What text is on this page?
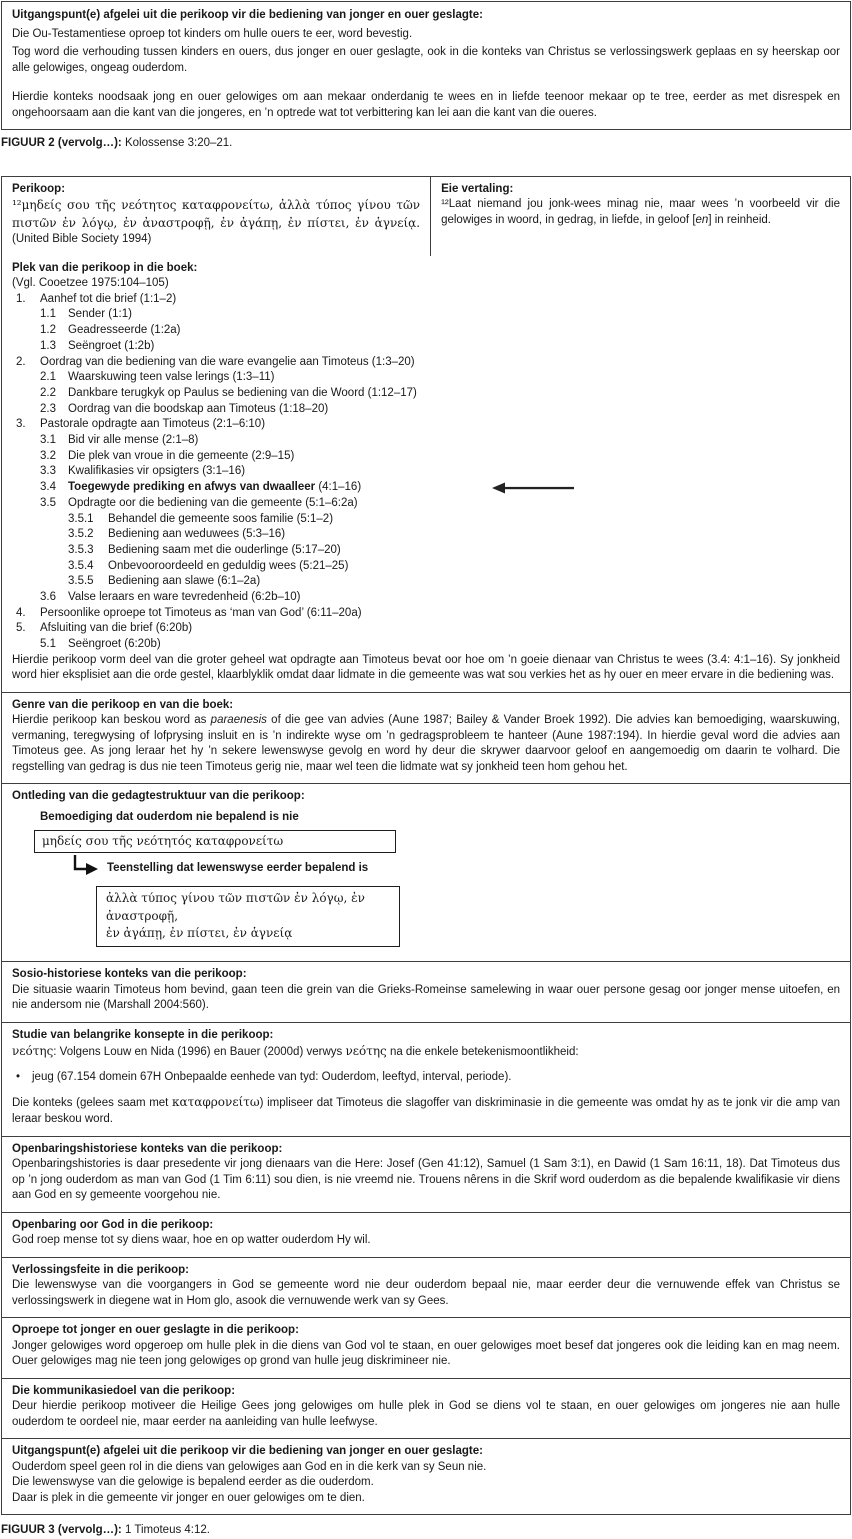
Uitgangspunt(e) afgelei uit die perikoop vir die bediening van jonger en ouer geslagte:

Die Ou-Testamentiese oproep tot kinders om hulle ouers te eer, word bevestig.

Tog word die verhouding tussen kinders en ouers, dus jonger en ouer geslagte, ook in die konteks van Christus se verlossingswerk geplaas en sy heerskap oor alle gelowiges, ongeag ouderdom.

Hierdie konteks noodsaak jong en ouer gelowiges om aan mekaar onderdanig te wees en in liefde teenoor mekaar op te tree, eerder as met disrespek en ongehoorsaam aan die kant van die jongeres, en ’n optrede wat tot verbittering kan lei aan die kant van die oueres.

FIGUUR 2 (vervolg…): Kolossense 3:20–21.

Perikoop:

¹²μηδείς σου τῆς νεότητος καταφρονείτω, ἀλλὰ τύπος γίνου τῶν πιστῶν ἐν λόγῳ, ἐν ἀναστροφῇ, ἐν ἀγάπῃ, ἐν πίστει, ἐν ἁγνείᾳ. (United Bible Society 1994)

Eie vertaling:

¹²Laat niemand jou jonk-wees minag nie, maar wees ’n voorbeeld vir die gelowiges in woord, in gedrag, in liefde, in geloof [en] in reinheid.

Plek van die perikoop in die boek:

(Vgl. Cooetzee 1975:104–105)

1.	Aanhef tot die brief (1:1–2)
1.1	Sender (1:1)
1.2	Geadresseerde (1:2a)
1.3	Seëngroet (1:2b)
2.	Oordrag van die bediening van die ware evangelie aan Timoteus (1:3–20)
2.1	Waarskuwing teen valse lerings (1:3–11)
2.2	Dankbare terugkyk op Paulus se bediening van die Woord (1:12–17)
2.3	Oordrag van die boodskap aan Timoteus (1:18–20)
3.	Pastorale opdragte aan Timoteus (2:1–6:10)
3.1	Bid vir alle mense (2:1–8)
3.2	Die plek van vroue in die gemeente (2:9–15)
3.3	Kwalifikasies vir opsigters (3:1–16)
3.4	Toegewyde prediking en afwys van dwaalleer (4:1–16)
3.5	Opdragte oor die bediening van die gemeente (5:1–6:2a)
3.5.1	Behandel die gemeente soos familie (5:1–2)
3.5.2	Bediening aan weduwees (5:3–16)
3.5.3	Bediening saam met die ouderlinge (5:17–20)
3.5.4	Onbevooroordeeld en geduldig wees (5:21–25)
3.5.5	Bediening aan slawe (6:1–2a)
3.6	Valse leraars en ware tevredenheid (6:2b–10)
4.	Persoonlike oproepe tot Timoteus as ‘man van God’ (6:11–20a)
5.	Afsluiting van die brief (6:20b)
5.1	Seëngroet (6:20b)

Hierdie perikoop vorm deel van die groter geheel wat opdragte aan Timoteus bevat oor hoe om ’n goeie dienaar van Christus te wees (3.4: 4:1–16). Sy jonkheid word hier eksplisiet aan die orde gestel, klaarblyklik omdat daar lidmate in die gemeente was wat sou verkies het as hy ouer en meer ervare in die bediening was.

Genre van die perikoop en van die boek:

Hierdie perikoop kan beskou word as paraenesis of die gee van advies (Aune 1987; Bailey & Vander Broek 1992). Die advies kan bemoediging, waarskuwing, vermaning, teregwysing of lofprysing insluit en is ’n indirekte wyse om ’n gedragsprobleem te hanteer (Aune 1987:194). In hierdie geval word die advies aan Timoteus gee. As jong leraar het hy ’n sekere lewenswyse gevolg en word hy deur die skrywer daarvoor geloof en aangemoedig om daarin te volhard. Die regstelling van gedrag is dus nie teen Timoteus gerig nie, maar wel teen die lidmate wat sy jonkheid teen hom gehou het.

Ontleding van die gedagtestruktuur van die perikoop:

Bemoediging dat ouderdom nie bepalend is nie

μηδείς σου τῆς νεότητός καταφρονείτω
Teenstelling dat lewenswyse eerder bepalend is
ἀλλὰ τύπος γίνου τῶν πιστῶν ἐν λόγῳ, ἐν ἀναστροφῇ,
ἐν ἀγάπῃ, ἐν πίστει, ἐν ἁγνείᾳ

Sosio-historiese konteks van die perikoop:

Die situasie waarin Timoteus hom bevind, gaan teen die grein van die Grieks-Romeinse samelewing in waar ouer persone gesag oor jonger mense uitoefen, en nie andersom nie (Marshall 2004:560).

Studie van belangrike konsepte in die perikoop:

νεότης: Volgens Louw en Nida (1996) en Bauer (2000d) verwys νεότης na die enkele betekenismoontlikheid:

•	jeug (67.154 domein 67H Onbepaalde eenhede van tyd: Ouderdom, leeftyd, interval, periode).

Die konteks (gelees saam met καταφρονείτω) impliseer dat Timoteus die slagoffer van diskriminasie in die gemeente was omdat hy as te jonk vir die amp van leraar beskou word.

Openbaringshistoriese konteks van die perikoop:

Openbaringshistories is daar presedente vir jong dienaars van die Here: Josef (Gen 41:12), Samuel (1 Sam 3:1), en Dawid (1 Sam 16:11, 18). Dat Timoteus dus op ’n jong ouderdom as man van God (1 Tim 6:11) sou dien, is nie vreemd nie. Trouens nêrens in die Skrif word ouderdom as die bepalende kwalifikasie vir diens aan God en sy gemeente voorgehou nie.

Openbaring oor God in die perikoop:

God roep mense tot sy diens waar, hoe en op watter ouderdom Hy wil.

Verlossingsfeite in die perikoop:

Die lewenswyse van die voorgangers in God se gemeente word nie deur ouderdom bepaal nie, maar eerder deur die vernuwende effek van Christus se verlossingswerk in diegene wat in Hom glo, asook die vernuwende werk van sy Gees.

Oproepe tot jonger en ouer geslagte in die perikoop:

Jonger gelowiges word opgeroep om hulle plek in die diens van God vol te staan, en ouer gelowiges moet besef dat jongeres ook die leiding kan en mag neem. Ouer gelowiges mag nie teen jong gelowiges op grond van hulle jeug diskrimineer nie.

Die kommunikasiedoel van die perikoop:

Deur hierdie perikoop motiveer die Heilige Gees jong gelowiges om hulle plek in God se diens vol te staan, en ouer gelowiges om jongeres nie aan hulle ouderdom te oordeel nie, maar eerder na aanleiding van hulle leefwyse.

Uitgangspunt(e) afgelei uit die perikoop vir die bediening van jonger en ouer geslagte:

Ouderdom speel geen rol in die diens van gelowiges aan God en in die kerk van sy Seun nie.

Die lewenswyse van die gelowige is bepalend eerder as die ouderdom.

Daar is plek in die gemeente vir jonger en ouer gelowiges om te dien.

FIGUUR 3 (vervolg…): 1 Timoteus 4:12.
